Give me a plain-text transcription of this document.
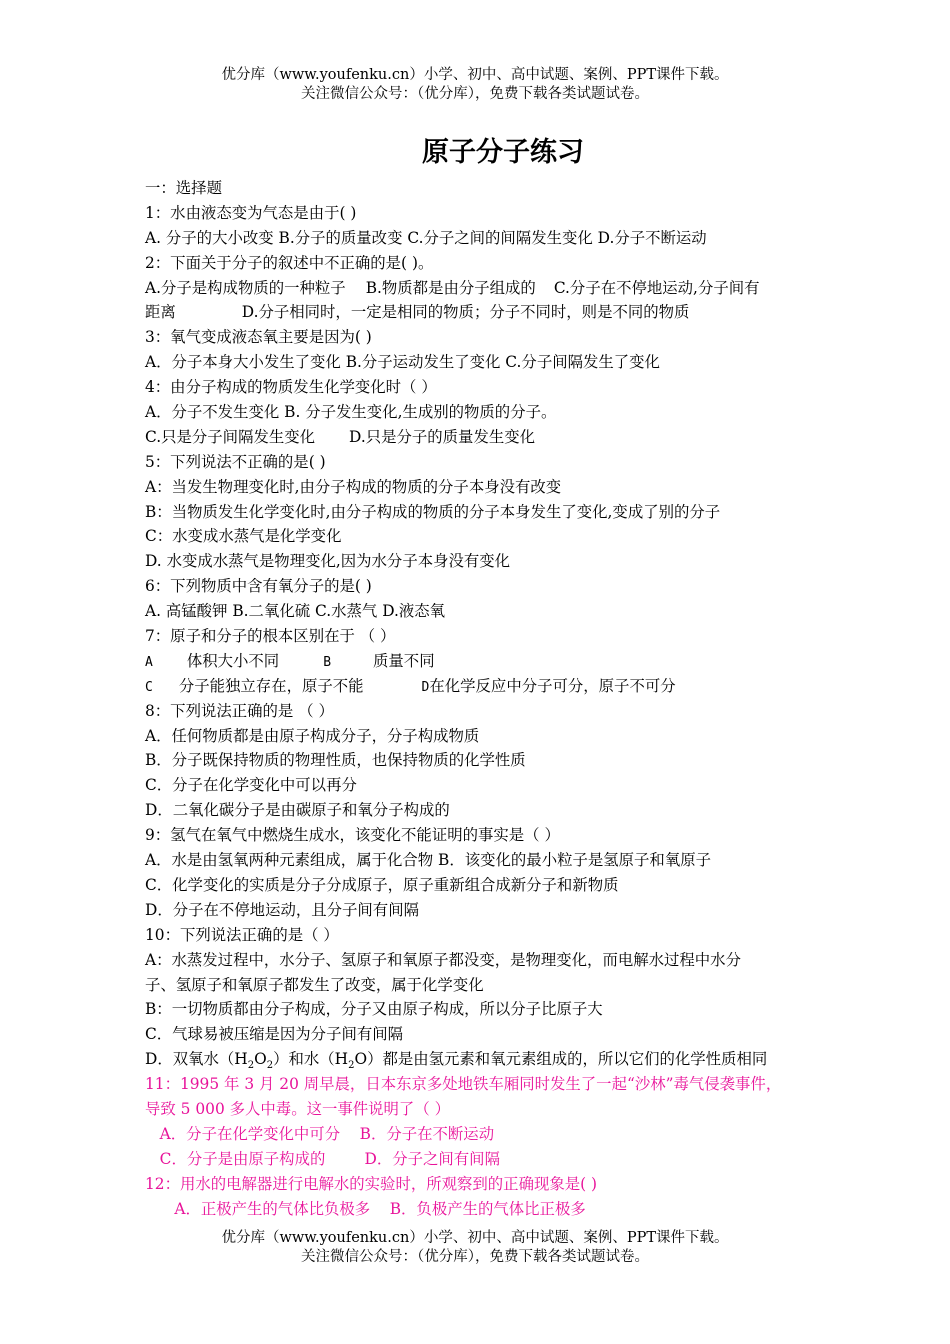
优分库（www.youfenku.cn）小学、初中、高中试题、案例、PPT课件下载。
关注微信公众号：（优分库），免费下载各类试题试卷。
原子分子练习
一：选择题
1：水由液态变为气态是由于( )
A. 分子的大小改变 B.分子的质量改变 C.分子之间的间隔发生变化 D.分子不断运动
2：下面关于分子的叙述中不正确的是( )。
A.分子是构成物质的一种粒子 B.物质都是由分子组成的 C.分子在不停地运动,分子间有
距离	D.分子相同时，一定是相同的物质；分子不同时，则是不同的物质
3：氧气变成液态氧主要是因为( )
A．分子本身大小发生了变化 B.分子运动发生了变化 C.分子间隔发生了变化
4：由分子构成的物质发生化学变化时（ ）
A．分子不发生变化 B. 分子发生变化,生成别的物质的分子。
C.只是分子间隔发生变化 D.只是分子的质量发生变化
5：下列说法不正确的是( )
A：当发生物理变化时,由分子构成的物质的分子本身没有改变
B：当物质发生化学变化时,由分子构成的物质的分子本身发生了变化,变成了别的分子
C：水变成水蒸气是化学变化
D. 水变成水蒸气是物理变化,因为水分子本身没有变化
6：下列物质中含有氧分子的是( )
A. 高锰酸钾 B.二氧化硫 C.水蒸气 D.液态氧
7：原子和分子的根本区别在于 （ ）
A 体积大小不同	B	质量不同
C 分子能独立存在，原子不能	D在化学反应中分子可分，原子不可分
8：下列说法正确的是 （ ）
A．任何物质都是由原子构成分子，分子构成物质
B．分子既保持物质的物理性质，也保持物质的化学性质
C．分子在化学变化中可以再分
D．二氧化碳分子是由碳原子和氧分子构成的
9：氢气在氧气中燃烧生成水，该变化不能证明的事实是（ ）
A．水是由氢氧两种元素组成，属于化合物 B．该变化的最小粒子是氢原子和氧原子
C．化学变化的实质是分子分成原子，原子重新组合成新分子和新物质
D．分子在不停地运动，且分子间有间隔
10：下列说法正确的是（ ）
A：水蒸发过程中，水分子、氢原子和氧原子都没变，是物理变化，而电解水过程中水分
子、氢原子和氧原子都发生了改变，属于化学变化
B：一切物质都由分子构成，分子又由原子构成，所以分子比原子大
C．气球易被压缩是因为分子间有间隔
D．双氧水$(H_2O_2)$和水$(H_2O)$都是由氢元素和氧元素组成的，所以它们的化学性质相同
11：1995 年 3 月 20 周早晨，日本东京多处地铁车厢同时发生了一起“沙林”毒气侵袭事件，
导致 5 000 多人中毒。这一事件说明了（ ）
A．分子在化学变化中可分    B．分子在不断运动
C．分子是由原子构成的        D．分子之间有间隔
12：用水的电解器进行电解水的实验时，所观察到的正确现象是( )
A．正极产生的气体比负极多    B．负极产生的气体比正极多
优分库（www.youfenku.cn）小学、初中、高中试题、案例、PPT课件下载。
关注微信公众号：（优分库），免费下载各类试题试卷。
